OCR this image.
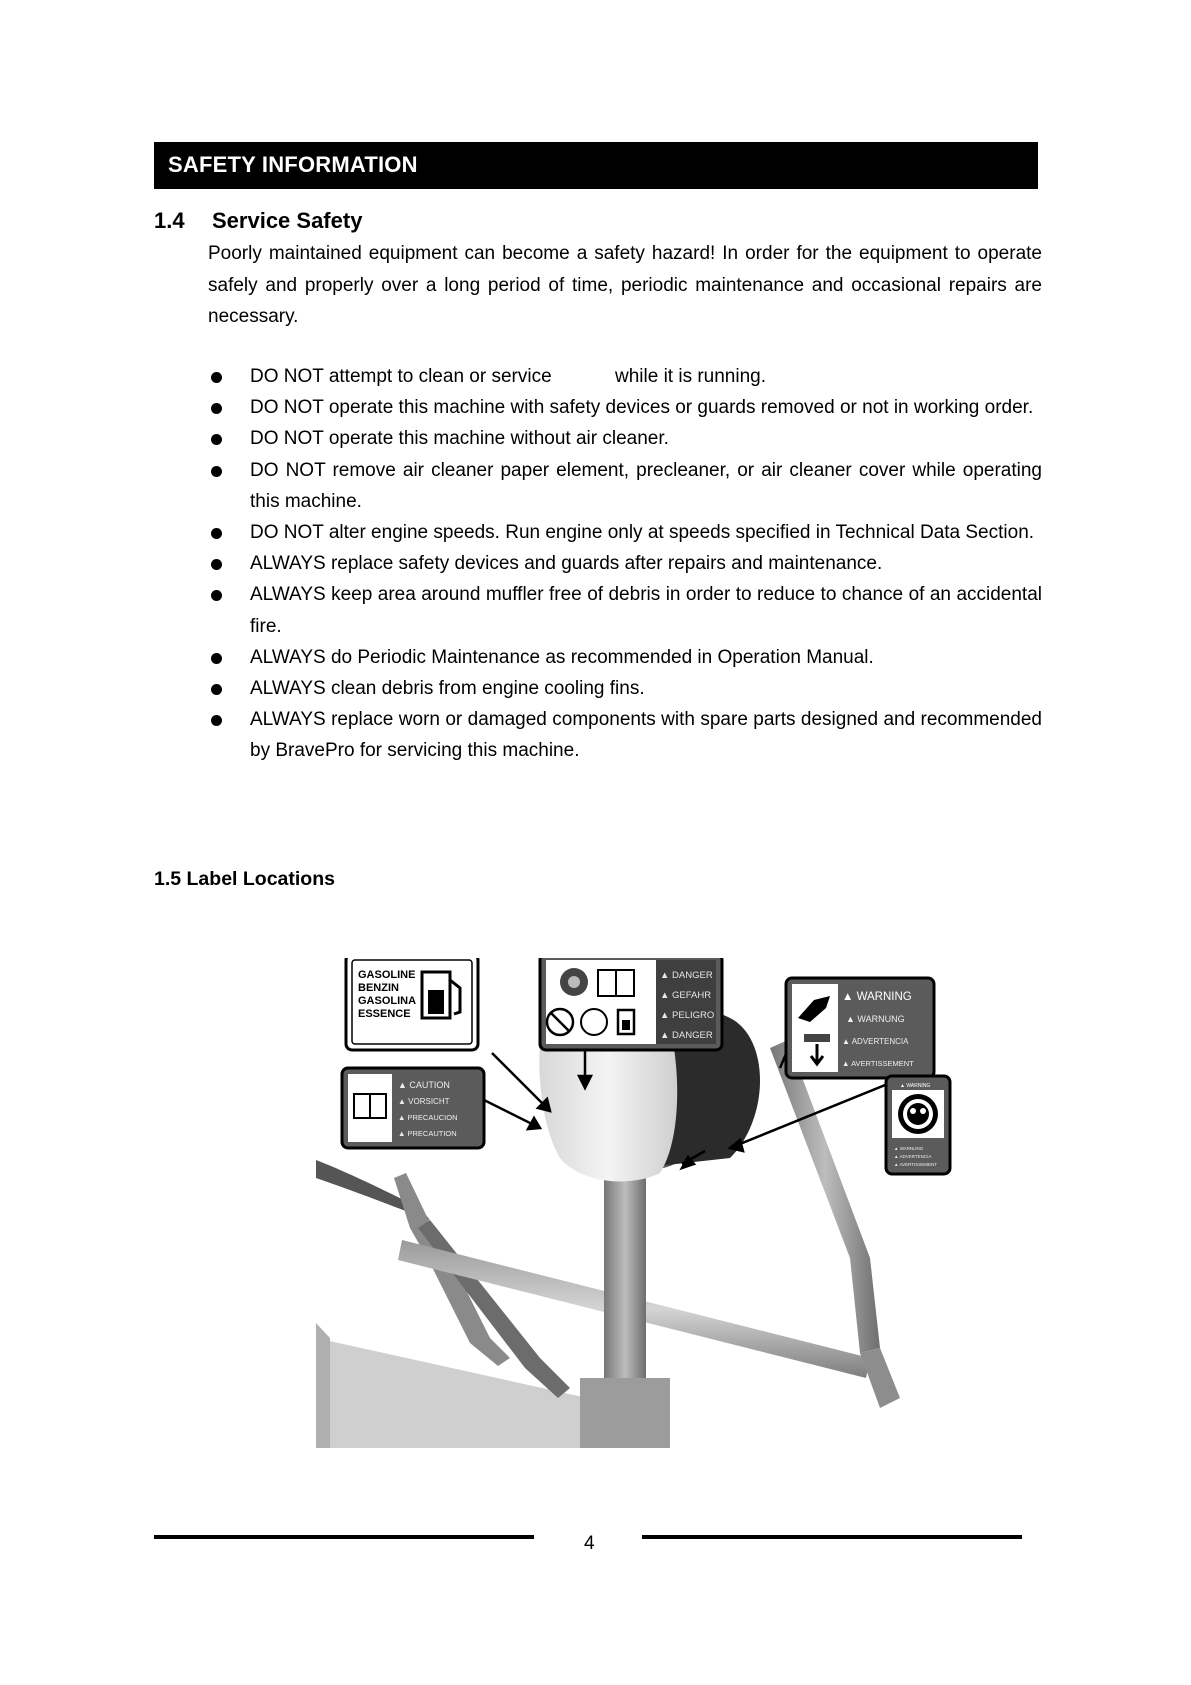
SAFETY INFORMATION
1.4 Service Safety
Poorly maintained equipment can become a safety hazard! In order for the equipment to operate safely and properly over a long period of time, periodic maintenance and occasional repairs are necessary.
DO NOT attempt to clean or service            while it is running.
DO NOT operate this machine with safety devices or guards removed or not in working order.
DO NOT operate this machine without air cleaner.
DO NOT remove air cleaner paper element, precleaner, or air cleaner cover while operating this machine.
DO NOT alter engine speeds. Run engine only at speeds specified in Technical Data Section.
ALWAYS replace safety devices and guards after repairs and maintenance.
ALWAYS keep area around muffler free of debris in order to reduce to chance of an accidental fire.
ALWAYS do Periodic Maintenance as recommended in Operation Manual.
ALWAYS clean debris from engine cooling fins.
ALWAYS replace worn or damaged components with spare parts designed and recommended by BravePro for servicing this machine.
1.5 Label Locations
GASOLINE
BENZIN
GASOLINA
ESSENCE
▲ DANGER
▲ GEFAHR
▲ PELIGRO
▲ DANGER
▲ CAUTION
▲ VORSICHT
▲ PRECAUCION
▲ PRECAUTION
▲ WARNING
▲ WARNUNG
▲ ADVERTENCIA
▲ AVERTISSEMENT
▲ WARNING
▲ WARNUNG
▲ ADVERTENCIA
▲ AVERTISSEMENT
4
